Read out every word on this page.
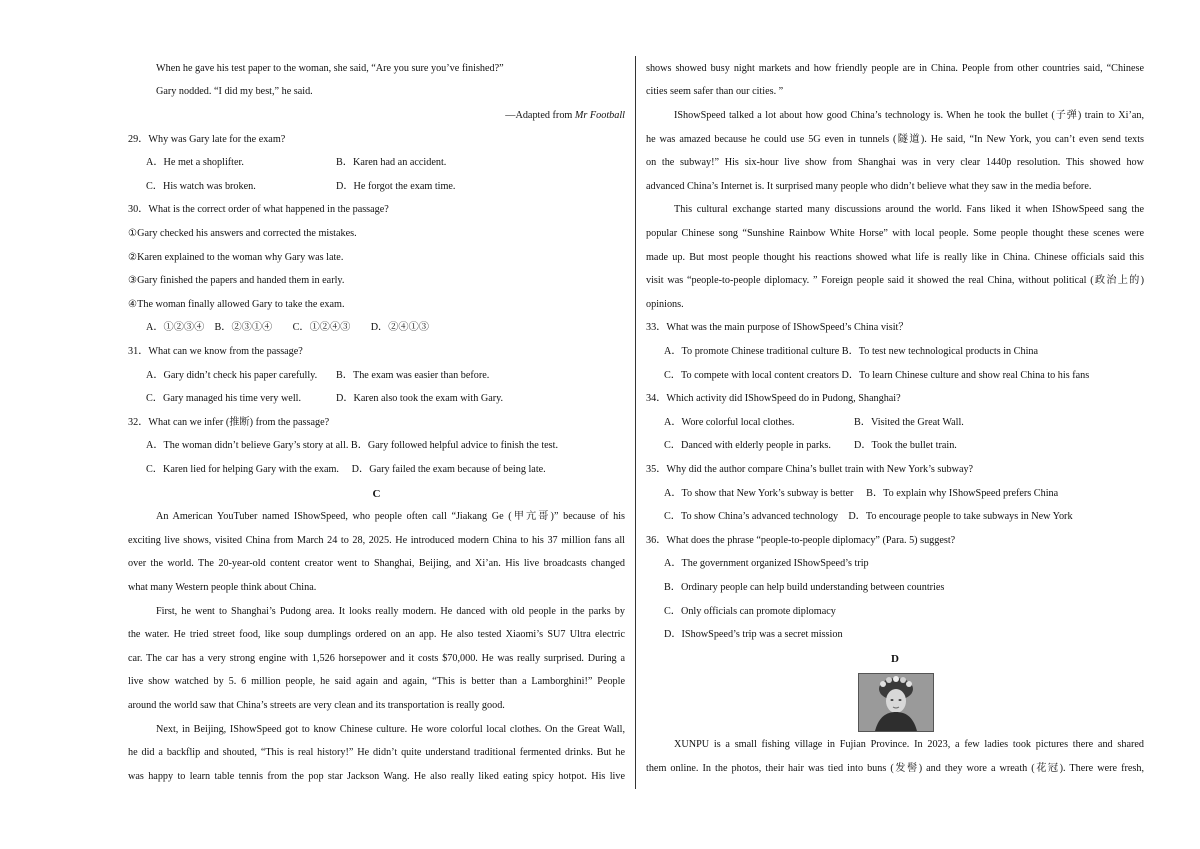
When he gave his test paper to the woman, she said, “Are you sure you’ve finished?”
Gary nodded. “I did my best,” he said.
—Adapted from Mr Football
29．Why was Gary late for the exam?
A．He met a shoplifter.	B．Karen had an accident.
C．His watch was broken.	D．He forgot the exam time.
30．What is the correct order of what happened in the passage?
①Gary checked his answers and corrected the mistakes.
②Karen explained to the woman why Gary was late.
③Gary finished the papers and handed them in early.
④The woman finally allowed Gary to take the exam.
A．①②③④　B．②③①④　　C．①②④③　　D．②④①③
31．What can we know from the passage?
A．Gary didn’t check his paper carefully.	B．The exam was easier than before.
C．Gary managed his time very well.	D．Karen also took the exam with Gary.
32．What can we infer (推断) from the passage?
A．The woman didn’t believe Gary’s story at all. B．Gary followed helpful advice to finish the test.
C．Karen lied for helping Gary with the exam.　 D．Gary failed the exam because of being late.
C
An American YouTuber named IShowSpeed, who people often call “Jiakang Ge (甲亢哥)” because of his
exciting live shows, visited China from March 24 to 28, 2025. He introduced modern China to his 37 million fans all
over the world. The 20-year-old content creator went to Shanghai, Beijing, and Xi’an. His live broadcasts changed
what many Western people think about China.
First, he went to Shanghai’s Pudong area. It looks really modern. He danced with old people in the parks by
the water. He tried street food, like soup dumplings ordered on an app. He also tested Xiaomi’s SU7 Ultra electric
car. The car has a very strong engine with 1,526 horsepower and it costs $70,000. He was really surprised. During a
live show watched by 5. 6 million people, he said again and again, “This is better than a Lamborghini!” People
around the world saw that China’s streets are very clean and its transportation is really good.
Next, in Beijing, IShowSpeed got to know Chinese culture. He wore colorful local clothes. On the Great Wall,
he did a backflip and shouted, “This is real history!” He didn’t quite understand traditional fermented drinks. But he
was happy to learn table tennis from the pop star Jackson Wang. He also really liked eating spicy hotpot. His live
shows showed busy night markets and how friendly people are in China. People from other countries said, “Chinese
cities seem safer than our cities. ”
IShowSpeed talked a lot about how good China’s technology is. When he took the bullet (子弹) train to Xi’an,
he was amazed because he could use 5G even in tunnels (隧道). He said, “In New York, you can’t even send texts
on the subway!” His six-hour live show from Shanghai was in very clear 1440p resolution. This showed how
advanced China’s Internet is. It surprised many people who didn’t believe what they saw in the media before.
This cultural exchange started many discussions around the world. Fans liked it when IShowSpeed sang the
popular Chinese song “Sunshine Rainbow White Horse” with local people. Some people thought these scenes were
made up. But most people thought his reactions showed what life is really like in China. Chinese officials said this
visit was “people-to-people diplomacy. ” Foreign people said it showed the real China, without political (政治上的)
opinions.
33．What was the main purpose of IShowSpeed’s China visit？
A．To promote Chinese traditional culture B．To test new technological products in China
C．To compete with local content creators D．To learn Chinese culture and show real China to his fans
34．Which activity did IShowSpeed do in Pudong, Shanghai?
A．Wore colorful local clothes.	B．Visited the Great Wall.
C．Danced with elderly people in parks.	D．Took the bullet train.
35．Why did the author compare China’s bullet train with New York’s subway?
A．To show that New York’s subway is better　 B．To explain why IShowSpeed prefers China
C．To show China’s advanced technology　D．To encourage people to take subways in New York
36．What does the phrase “people-to-people diplomacy” (Para. 5) suggest?
A．The government organized IShowSpeed’s trip
B．Ordinary people can help build understanding between countries
C．Only officials can promote diplomacy
D．IShowSpeed’s trip was a secret mission
D
XUNPU is a small fishing village in Fujian Province. In 2023, a few ladies took pictures there and shared
them online. In the photos, their hair was tied into buns (发髻) and they wore a wreath (花冠). There were fresh,
